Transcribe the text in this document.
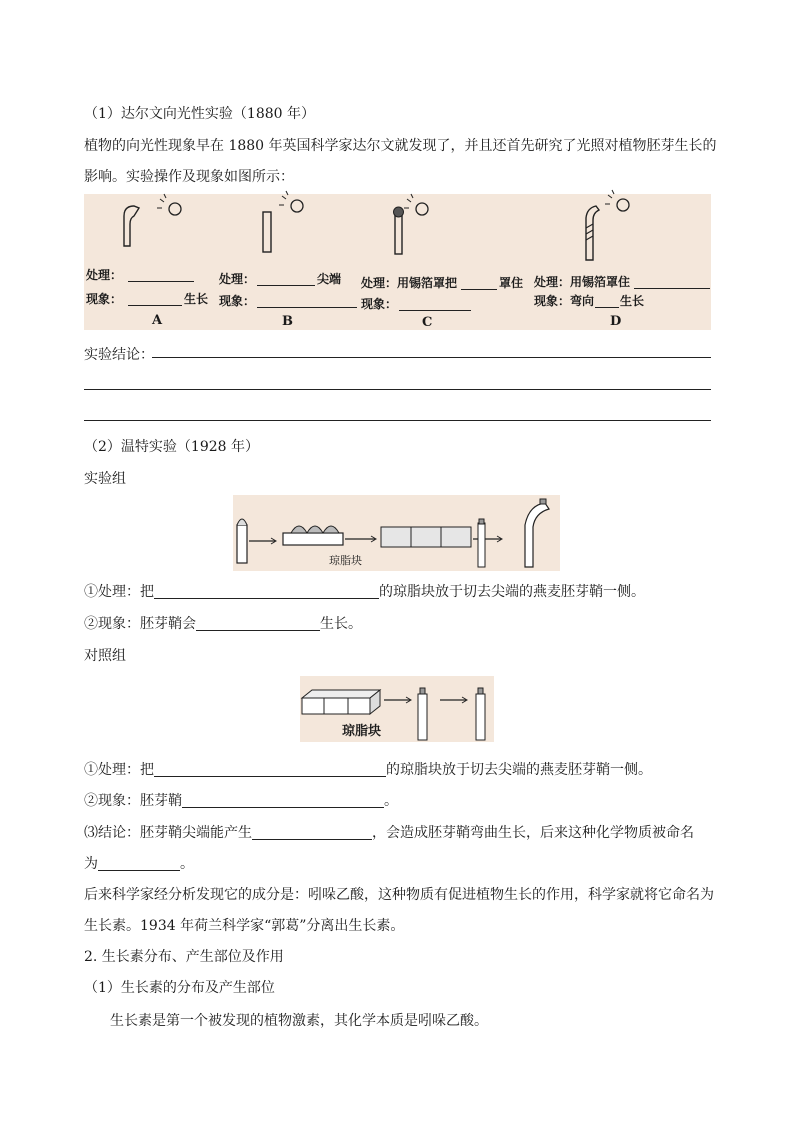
（1）达尔文向光性实验（1880 年）
植物的向光性现象早在 1880 年英国科学家达尔文就发现了，并且还首先研究了光照对植物胚芽生长的
影响。实验操作及现象如图所示：
处理：
现象：	生长
A
处理：	尖端
现象：
B
处理：用锡箔罩把	罩住
现象：
C
处理：用锡箔罩住
现象：弯向 生长
D
实验结论：
（2）温特实验（1928 年）
实验组
琼脂块
①处理：把	的琼脂块放于切去尖端的燕麦胚芽鞘一侧。
②现象：胚芽鞘会	生长。
对照组
琼脂块
①处理：把	的琼脂块放于切去尖端的燕麦胚芽鞘一侧。
②现象：胚芽鞘	。
⑶结论：胚芽鞘尖端能产生	，会造成胚芽鞘弯曲生长，后来这种化学物质被命名
为	。
后来科学家经分析发现它的成分是：吲哚乙酸，这种物质有促进植物生长的作用，科学家就将它命名为
生长素。1934 年荷兰科学家“郭葛”分离出生长素。
2. 生长素分布、产生部位及作用
（1）生长素的分布及产生部位
生长素是第一个被发现的植物激素，其化学本质是吲哚乙酸。
